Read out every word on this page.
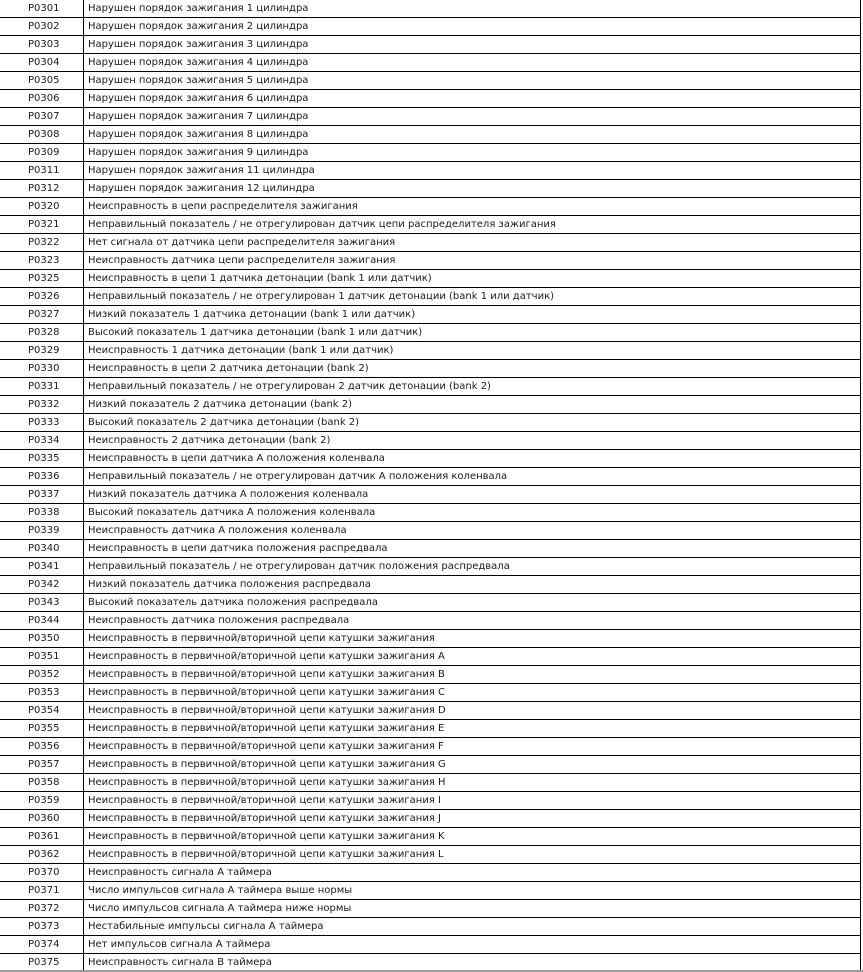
P0301	Нарушен порядок зажигания 1 цилиндра
P0302	Нарушен порядок зажигания 2 цилиндра
P0303	Нарушен порядок зажигания 3 цилиндра
P0304	Нарушен порядок зажигания 4 цилиндра
P0305	Нарушен порядок зажигания 5 цилиндра
P0306	Нарушен порядок зажигания 6 цилиндра
P0307	Нарушен порядок зажигания 7 цилиндра
P0308	Нарушен порядок зажигания 8 цилиндра
P0309	Нарушен порядок зажигания 9 цилиндра
P0311	Нарушен порядок зажигания 11 цилиндра
P0312	Нарушен порядок зажигания 12 цилиндра
P0320	Неисправность в цепи распределителя зажигания
P0321	Неправильный показатель / не отрегулирован датчик цепи распределителя зажигания
P0322	Нет сигнала от датчика цепи распределителя зажигания
P0323	Неисправность датчика цепи распределителя зажигания
P0325	Неисправность в цепи 1 датчика детонации (bank 1 или датчик)
P0326	Неправильный показатель / не отрегулирован 1 датчик детонации (bank 1 или датчик)
P0327	Низкий показатель 1 датчика детонации (bank 1 или датчик)
P0328	Высокий показатель 1 датчика детонации (bank 1 или датчик)
P0329	Неисправность 1 датчика детонации (bank 1 или датчик)
P0330	Неисправность в цепи 2 датчика детонации (bank 2)
P0331	Неправильный показатель / не отрегулирован 2 датчик детонации (bank 2)
P0332	Низкий показатель 2 датчика детонации (bank 2)
P0333	Высокий показатель 2 датчика детонации (bank 2)
P0334	Неисправность 2 датчика детонации (bank 2)
P0335	Неисправность в цепи датчика А положения коленвала
P0336	Неправильный показатель / не отрегулирован датчик А положения коленвала
P0337	Низкий показатель датчика А положения коленвала
P0338	Высокий показатель датчика А положения коленвала
P0339	Неисправность датчика А положения коленвала
P0340	Неисправность в цепи датчика положения распредвала
P0341	Неправильный показатель / не отрегулирован датчик положения распредвала
P0342	Низкий показатель датчика положения распредвала
P0343	Высокий показатель датчика положения распредвала
P0344	Неисправность датчика положения распредвала
P0350	Неисправность в первичной/вторичной цепи катушки зажигания
P0351	Неисправность в первичной/вторичной цепи катушки зажигания A
P0352	Неисправность в первичной/вторичной цепи катушки зажигания B
P0353	Неисправность в первичной/вторичной цепи катушки зажигания C
P0354	Неисправность в первичной/вторичной цепи катушки зажигания D
P0355	Неисправность в первичной/вторичной цепи катушки зажигания E
P0356	Неисправность в первичной/вторичной цепи катушки зажигания F
P0357	Неисправность в первичной/вторичной цепи катушки зажигания G
P0358	Неисправность в первичной/вторичной цепи катушки зажигания H
P0359	Неисправность в первичной/вторичной цепи катушки зажигания I
P0360	Неисправность в первичной/вторичной цепи катушки зажигания J
P0361	Неисправность в первичной/вторичной цепи катушки зажигания K
P0362	Неисправность в первичной/вторичной цепи катушки зажигания L
P0370	Неисправность сигнала А таймера
P0371	Число импульсов сигнала А таймера выше нормы
P0372	Число импульсов сигнала А таймера ниже нормы
P0373	Нестабильные импульсы сигнала А таймера
P0374	Нет импульсов сигнала А таймера
P0375	Неисправность сигнала В таймера
